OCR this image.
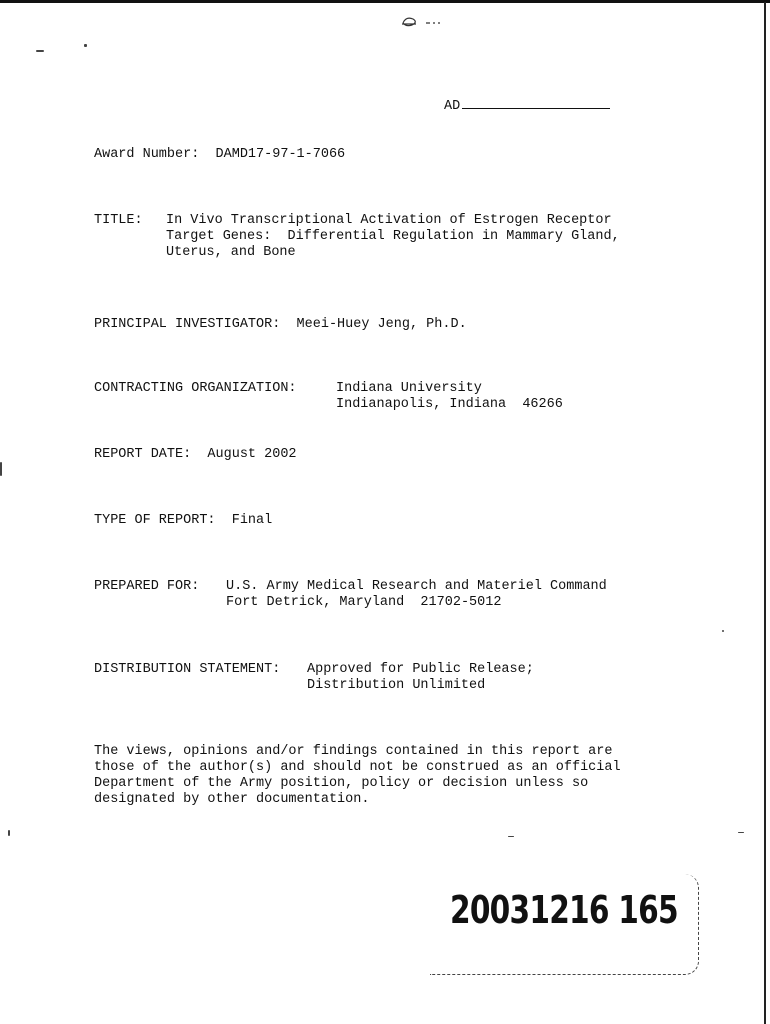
AD
Award Number: DAMD17-97-1-7066
TITLE: In Vivo Transcriptional Activation of Estrogen Receptor
Target Genes:  Differential Regulation in Mammary Gland,
Uterus, and Bone
PRINCIPAL INVESTIGATOR: Meei-Huey Jeng, Ph.D.
CONTRACTING ORGANIZATION:	Indiana University
Indianapolis, Indiana  46266
REPORT DATE: August 2002
TYPE OF REPORT: Final
PREPARED FOR: U.S. Army Medical Research and Materiel Command
Fort Detrick, Maryland  21702-5012
DISTRIBUTION STATEMENT: Approved for Public Release;
Distribution Unlimited
The views, opinions and/or findings contained in this report are
those of the author(s) and should not be construed as an official
Department of the Army position, policy or decision unless so
designated by other documentation.
20031216 165
